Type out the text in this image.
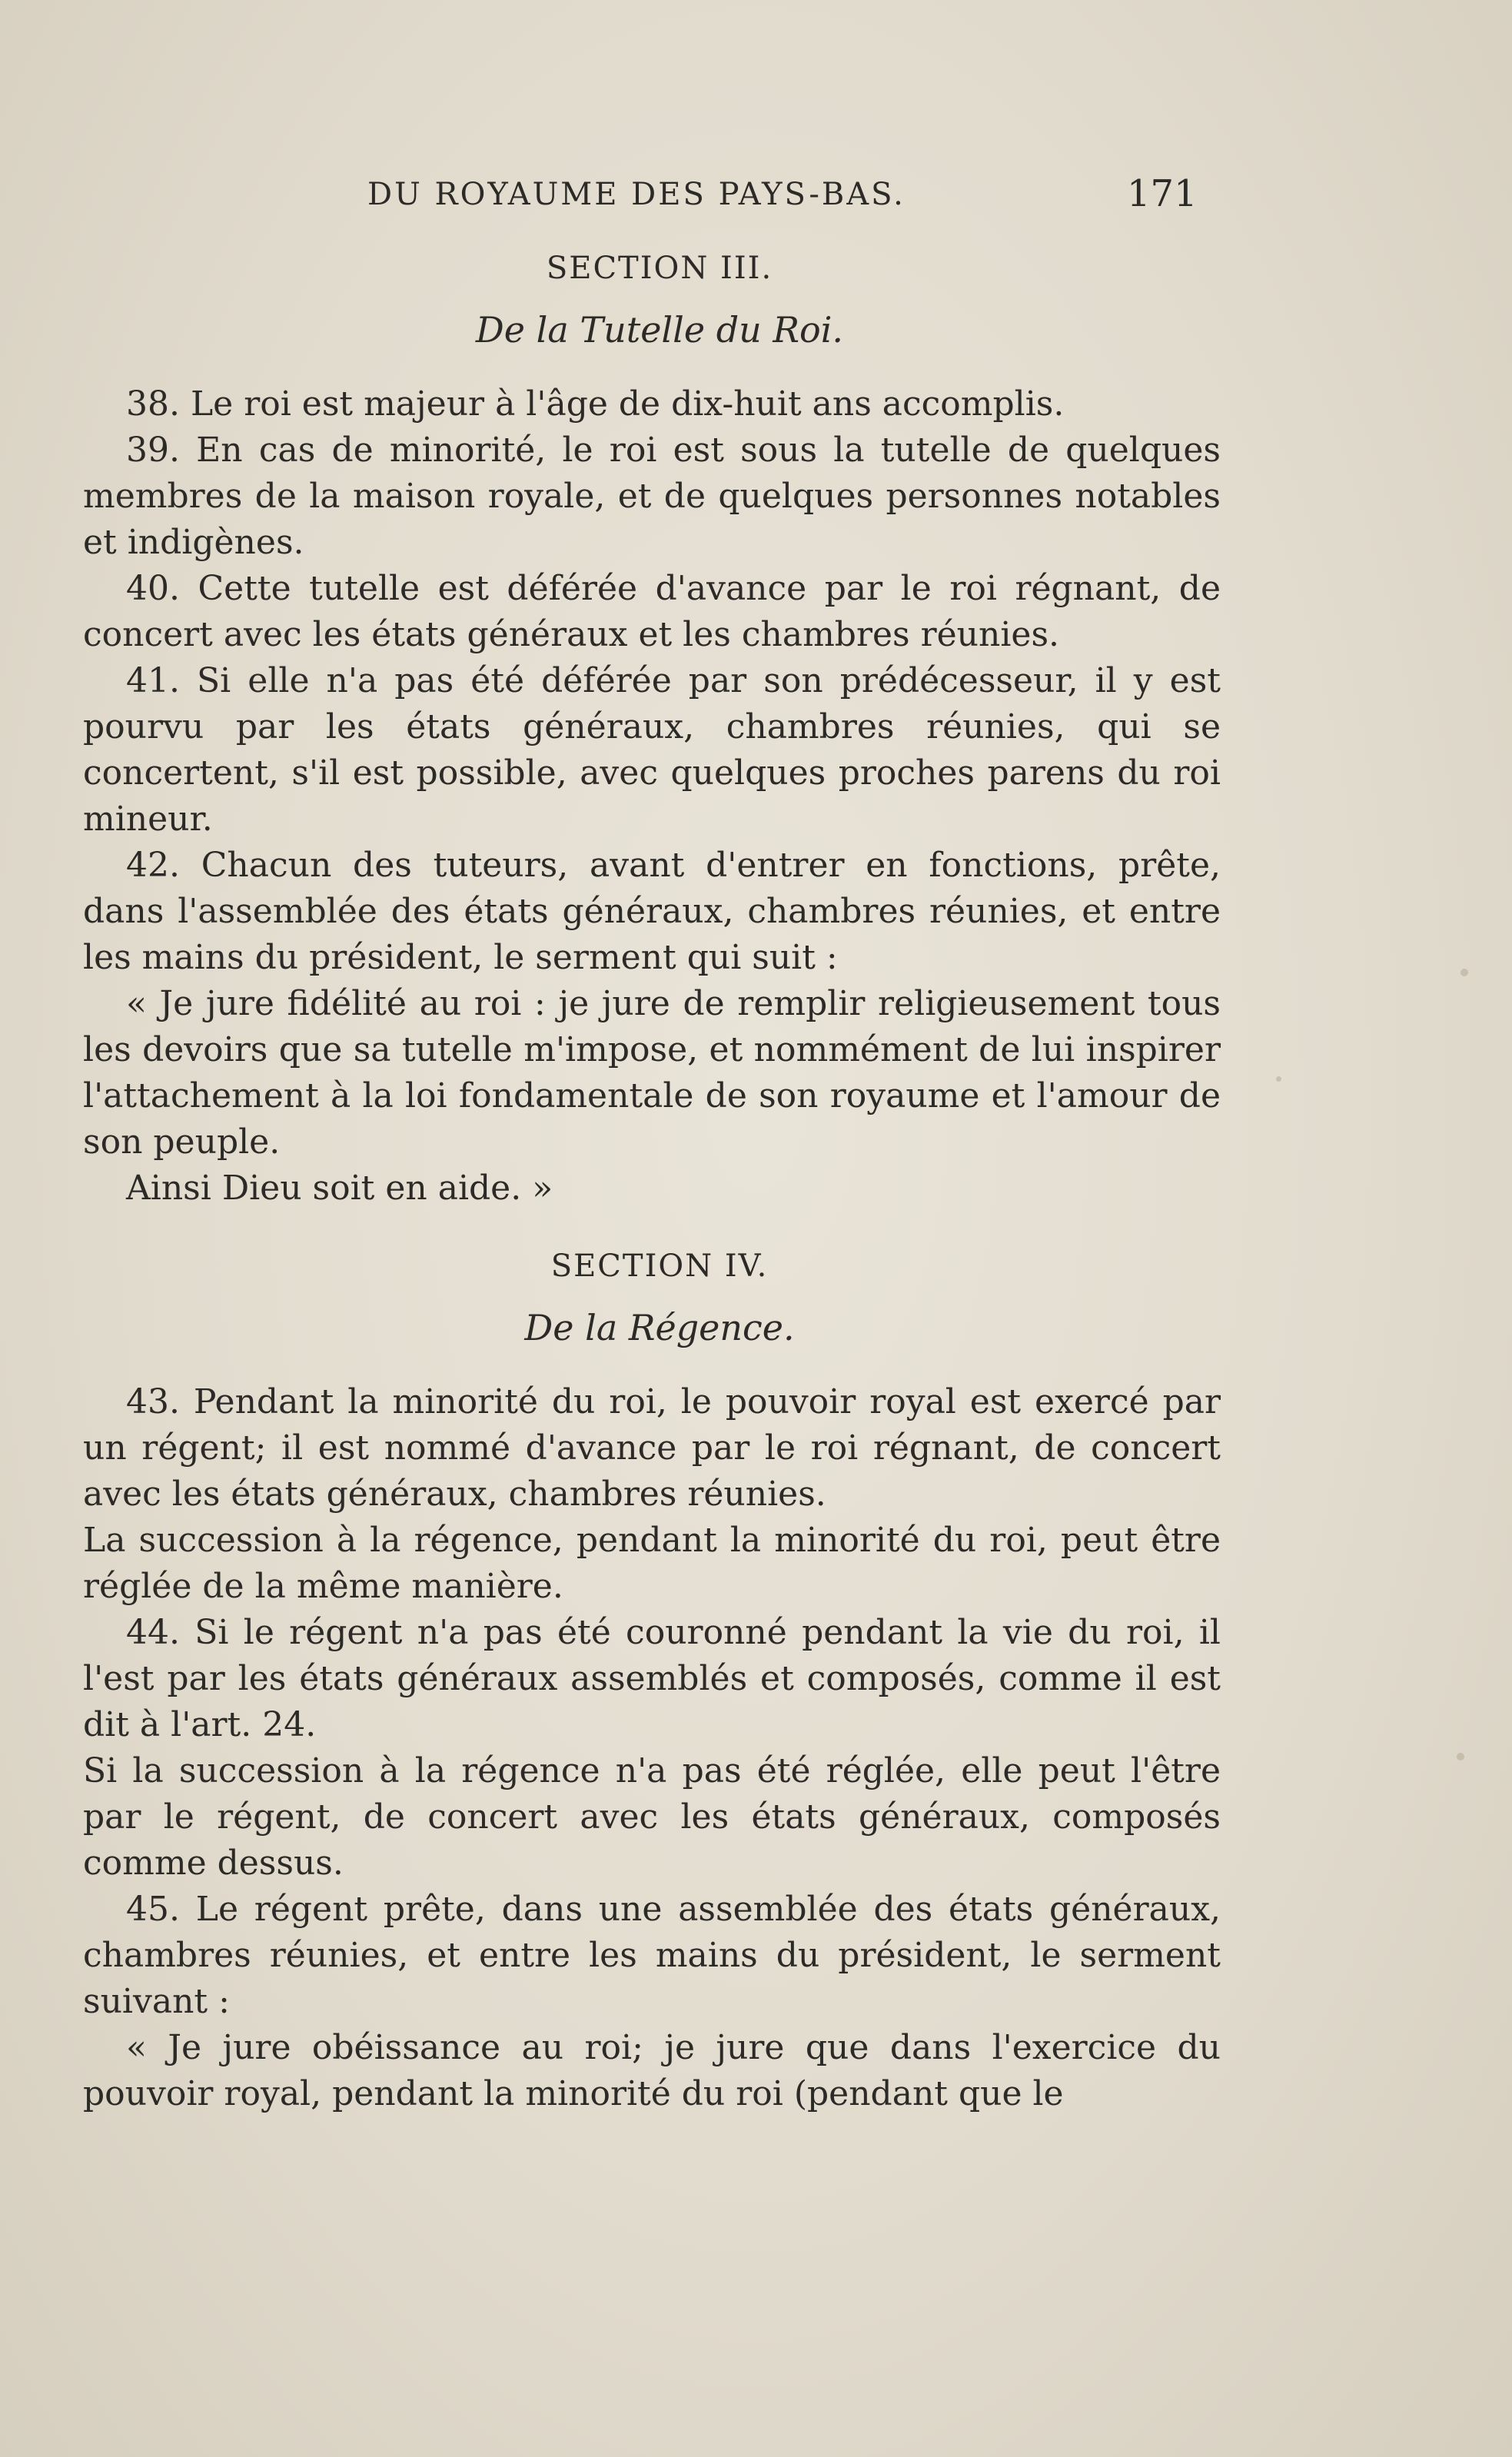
DU ROYAUME DES PAYS-BAS.	171
SECTION III.
De la Tutelle du Roi.

38. Le roi est majeur à l'âge de dix-huit ans accomplis.

39. En cas de minorité, le roi est sous la tutelle de quelques membres de la maison royale, et de quelques personnes notables et indigènes.

40. Cette tutelle est déférée d'avance par le roi régnant, de concert avec les états généraux et les chambres réunies.

41. Si elle n'a pas été déférée par son prédécesseur, il y est pourvu par les états généraux, chambres réunies, qui se concertent, s'il est possible, avec quelques proches parens du roi mineur.

42. Chacun des tuteurs, avant d'entrer en fonctions, prête, dans l'assemblée des états généraux, chambres réunies, et entre les mains du président, le serment qui suit :

« Je jure fidélité au roi : je jure de remplir religieusement tous les devoirs que sa tutelle m'impose, et nommément de lui inspirer l'attachement à la loi fondamentale de son royaume et l'amour de son peuple.

Ainsi Dieu soit en aide. »

SECTION IV.
De la Régence.

43. Pendant la minorité du roi, le pouvoir royal est exercé par un régent; il est nommé d'avance par le roi régnant, de concert avec les états généraux, chambres réunies.

La succession à la régence, pendant la minorité du roi, peut être réglée de la même manière.

44. Si le régent n'a pas été couronné pendant la vie du roi, il l'est par les états généraux assemblés et composés, comme il est dit à l'art. 24.

Si la succession à la régence n'a pas été réglée, elle peut l'être par le régent, de concert avec les états généraux, composés comme dessus.

45. Le régent prête, dans une assemblée des états généraux, chambres réunies, et entre les mains du président, le serment suivant :

« Je jure obéissance au roi; je jure que dans l'exercice du pouvoir royal, pendant la minorité du roi (pendant que le
